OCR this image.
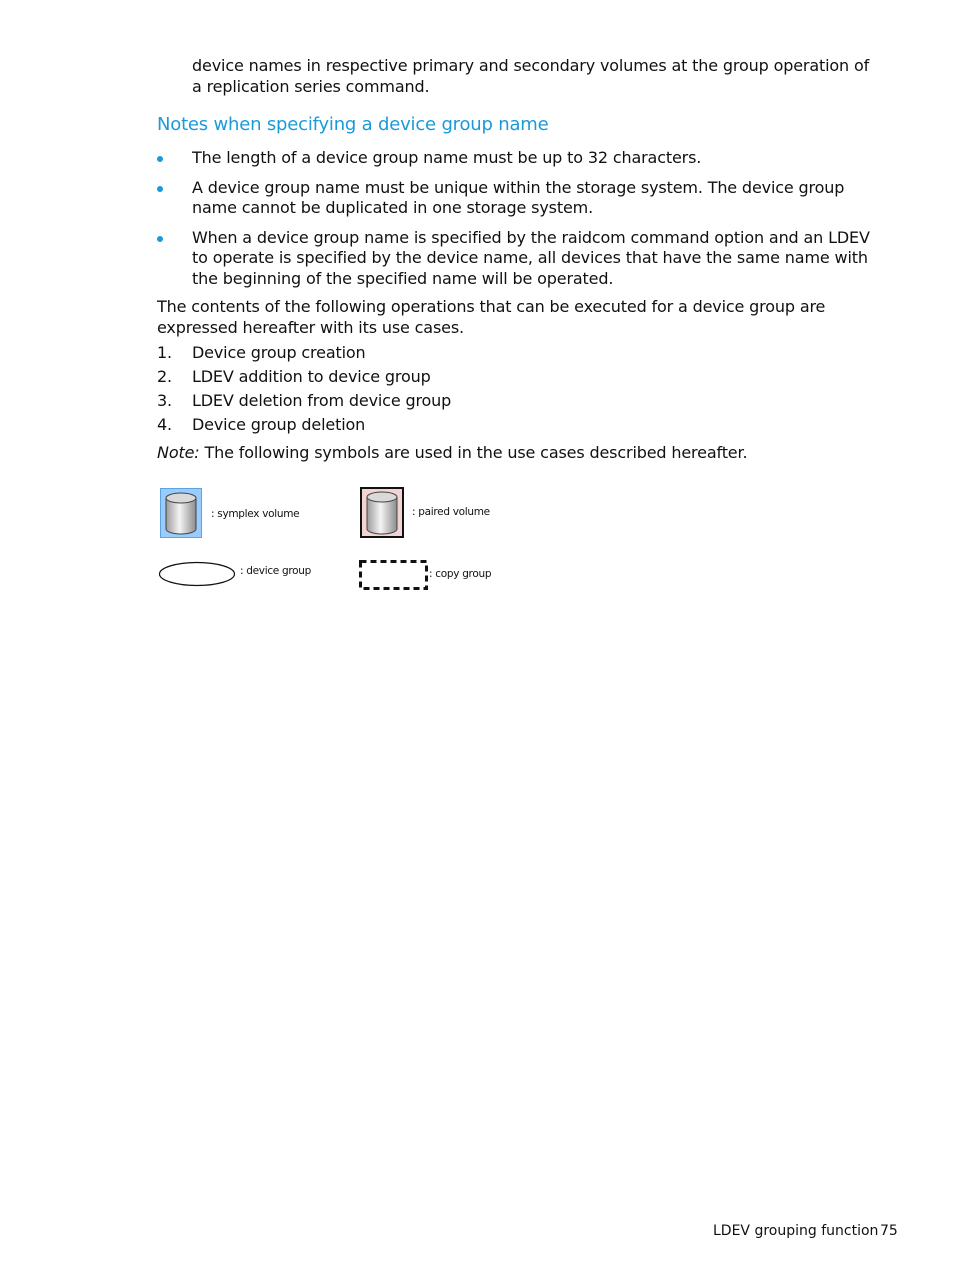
device names in respective primary and secondary volumes at the group operation of a replication series command.
Notes when specifying a device group name
The length of a device group name must be up to 32 characters.
A device group name must be unique within the storage system. The device group name cannot be duplicated in one storage system.
When a device group name is specified by the raidcom command option and an LDEV to operate is specified by the device name, all devices that have the same name with the beginning of the specified name will be operated.
The contents of the following operations that can be executed for a device group are expressed hereafter with its use cases.
1. Device group creation
2. LDEV addition to device group
3. LDEV deletion from device group
4. Device group deletion
Note: The following symbols are used in the use cases described hereafter.
: symplex volume	: paired volume
: device group	: copy group
LDEV grouping function 75
